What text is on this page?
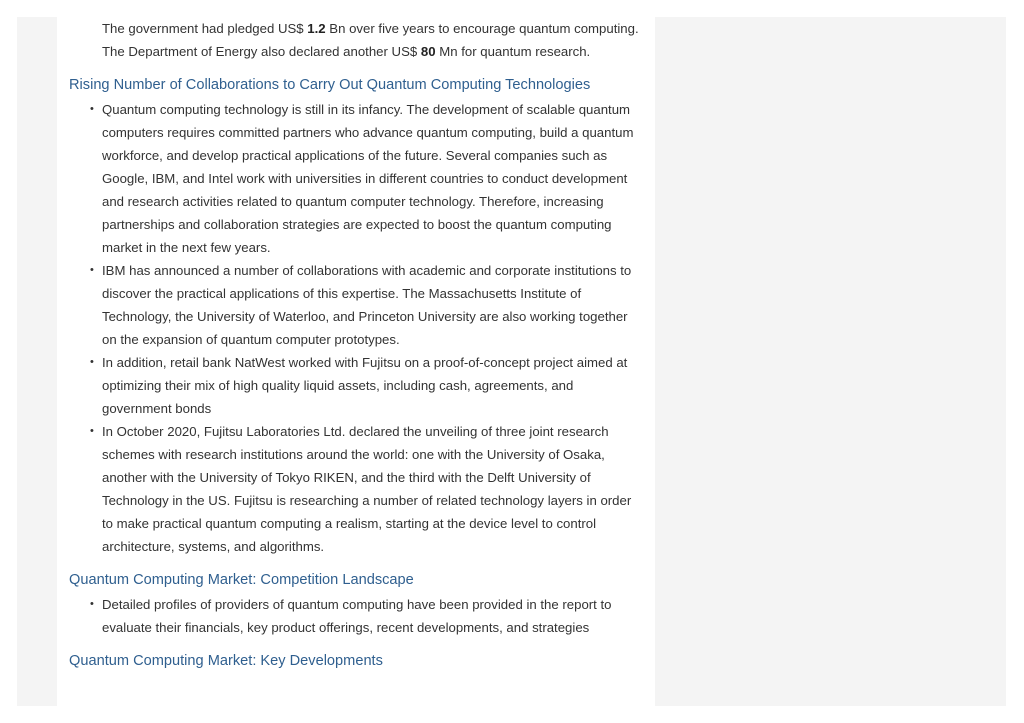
The government had pledged US$ 1.2 Bn over five years to encourage quantum computing.

The Department of Energy also declared another US$ 80 Mn for quantum research.

Rising Number of Collaborations to Carry Out Quantum Computing Technologies
• Quantum computing technology is still in its infancy. The development of scalable quantum computers requires committed partners who advance quantum computing, build a quantum workforce, and develop practical applications of the future. Several companies such as Google, IBM, and Intel work with universities in different countries to conduct development and research activities related to quantum computer technology. Therefore, increasing partnerships and collaboration strategies are expected to boost the quantum computing market in the next few years.
• IBM has announced a number of collaborations with academic and corporate institutions to discover the practical applications of this expertise. The Massachusetts Institute of Technology, the University of Waterloo, and Princeton University are also working together on the expansion of quantum computer prototypes.
• In addition, retail bank NatWest worked with Fujitsu on a proof-of-concept project aimed at optimizing their mix of high quality liquid assets, including cash, agreements, and government bonds
• In October 2020, Fujitsu Laboratories Ltd. declared the unveiling of three joint research schemes with research institutions around the world: one with the University of Osaka, another with the University of Tokyo RIKEN, and the third with the Delft University of Technology in the US. Fujitsu is researching a number of related technology layers in order to make practical quantum computing a realism, starting at the device level to control architecture, systems, and algorithms.
Quantum Computing Market: Competition Landscape
• Detailed profiles of providers of quantum computing have been provided in the report to evaluate their financials, key product offerings, recent developments, and strategies
Quantum Computing Market: Key Developments
